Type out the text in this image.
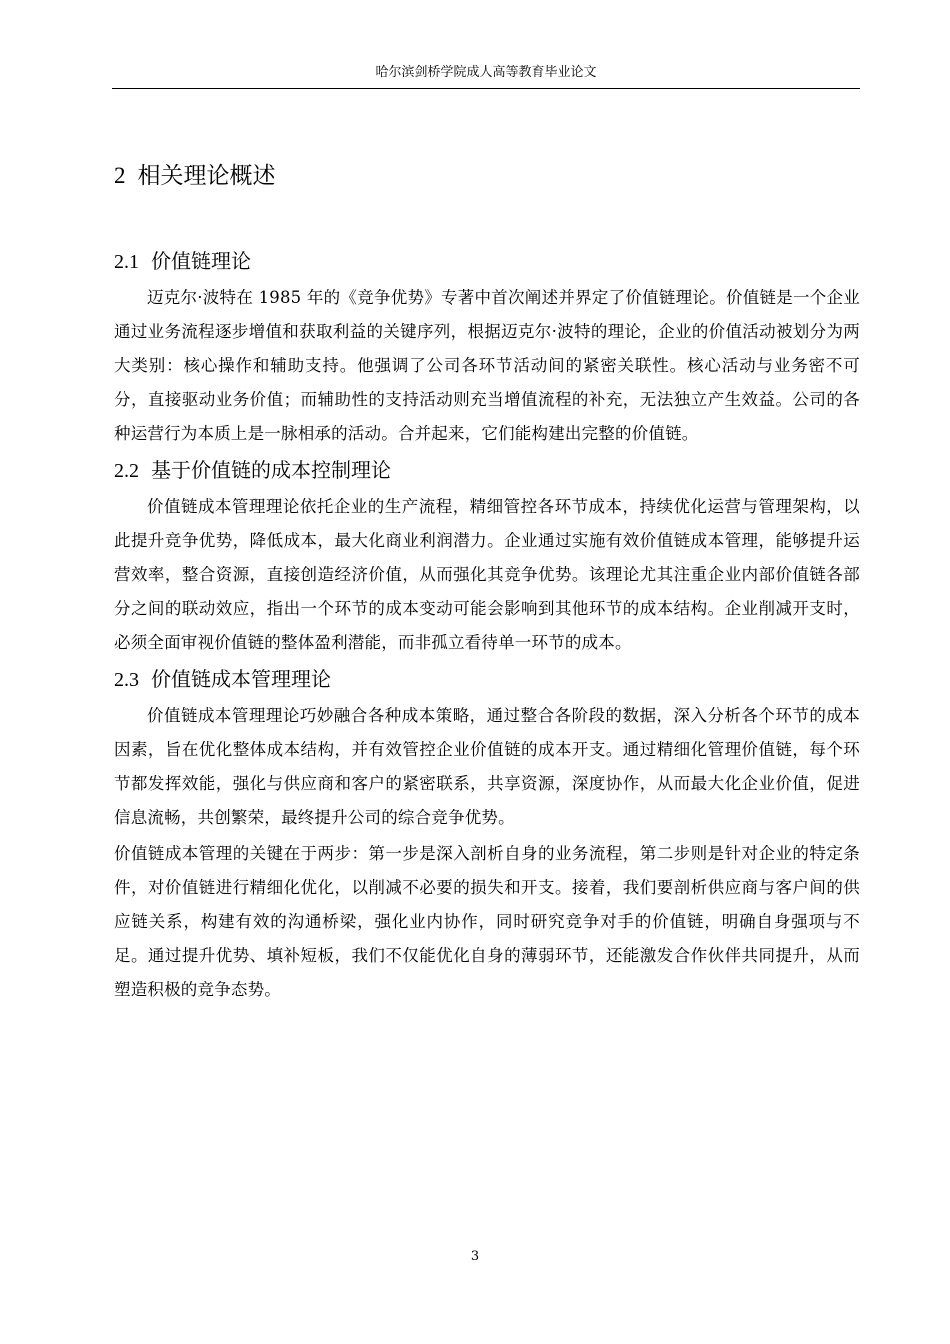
哈尔滨剑桥学院成人高等教育毕业论文
2 相关理论概述
2.1 价值链理论

迈克尔·波特在 1985 年的《竞争优势》专著中首次阐述并界定了价值链理论。价值链是一个企业通过业务流程逐步增值和获取利益的关键序列，根据迈克尔·波特的理论，企业的价值活动被划分为两大类别：核心操作和辅助支持。他强调了公司各环节活动间的紧密关联性。核心活动与业务密不可分，直接驱动业务价值；而辅助性的支持活动则充当增值流程的补充，无法独立产生效益。公司的各种运营行为本质上是一脉相承的活动。合并起来，它们能构建出完整的价值链。

2.2 基于价值链的成本控制理论

价值链成本管理理论依托企业的生产流程，精细管控各环节成本，持续优化运营与管理架构，以此提升竞争优势，降低成本，最大化商业利润潜力。企业通过实施有效价值链成本管理，能够提升运营效率，整合资源，直接创造经济价值，从而强化其竞争优势。该理论尤其注重企业内部价值链各部分之间的联动效应，指出一个环节的成本变动可能会影响到其他环节的成本结构。企业削减开支时，必须全面审视价值链的整体盈利潜能，而非孤立看待单一环节的成本。

2.3 价值链成本管理理论

价值链成本管理理论巧妙融合各种成本策略，通过整合各阶段的数据，深入分析各个环节的成本因素，旨在优化整体成本结构，并有效管控企业价值链的成本开支。通过精细化管理价值链，每个环节都发挥效能，强化与供应商和客户的紧密联系，共享资源，深度协作，从而最大化企业价值，促进信息流畅，共创繁荣，最终提升公司的综合竞争优势。

价值链成本管理的关键在于两步：第一步是深入剖析自身的业务流程，第二步则是针对企业的特定条件，对价值链进行精细化优化，以削减不必要的损失和开支。接着，我们要剖析供应商与客户间的供应链关系，构建有效的沟通桥梁，强化业内协作，同时研究竞争对手的价值链，明确自身强项与不足。通过提升优势、填补短板，我们不仅能优化自身的薄弱环节，还能激发合作伙伴共同提升，从而塑造积极的竞争态势。

3
